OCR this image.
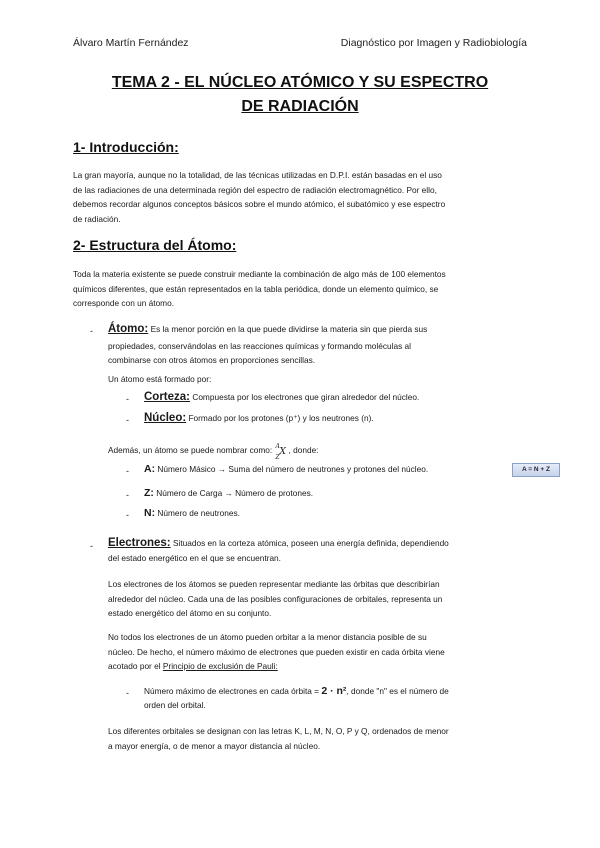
Álvaro Martín Fernández	Diagnóstico por Imagen y Radiobiología
TEMA 2 - EL NÚCLEO ATÓMICO Y SU ESPECTRO
DE RADIACIÓN
1- Introducción:
La gran mayoría, aunque no la totalidad, de las técnicas utilizadas en D.P.I. están basadas en el uso
de las radiaciones de una determinada región del espectro de radiación electromagnético. Por ello,
debemos recordar algunos conceptos básicos sobre el mundo atómico, el subatómico y ese espectro
de radiación.
2- Estructura del Átomo:
Toda la materia existente se puede construir mediante la combinación de algo más de 100 elementos
químicos diferentes, que están representados en la tabla periódica, donde un elemento químico, se
corresponde con un átomo.
- Átomo: Es la menor porción en la que puede dividirse la materia sin que pierda sus
propiedades, conservándolas en las reacciones químicas y formando moléculas al
combinarse con otros átomos en proporciones sencillas.
Un átomo está formado por:
- Corteza: Compuesta por los electrones que giran alrededor del núcleo.
- Núcleo: Formado por los protones (p⁺) y los neutrones (n).
Además, un átomo se puede nombrar como: A
Z
X , donde:
- A: Número Másico → Suma del número de neutrones y protones del núcleo.	A = N + Z
- Z: Número de Carga → Número de protones.
- N: Número de neutrones.
- Electrones: Situados en la corteza atómica, poseen una energía definida, dependiendo
del estado energético en el que se encuentran.
Los electrones de los átomos se pueden representar mediante las órbitas que describirían
alrededor del núcleo. Cada una de las posibles configuraciones de orbitales, representa un
estado energético del átomo en su conjunto.
No todos los electrones de un átomo pueden orbitar a la menor distancia posible de su
núcleo. De hecho, el número máximo de electrones que pueden existir en cada órbita viene
acotado por el Principio de exclusión de Pauli:
- Número máximo de electrones en cada órbita = 2 · n², donde "n" es el número de
orden del orbital.
Los diferentes orbitales se designan con las letras K, L, M, N, O, P y Q, ordenados de menor
a mayor energía, o de menor a mayor distancia al núcleo.
